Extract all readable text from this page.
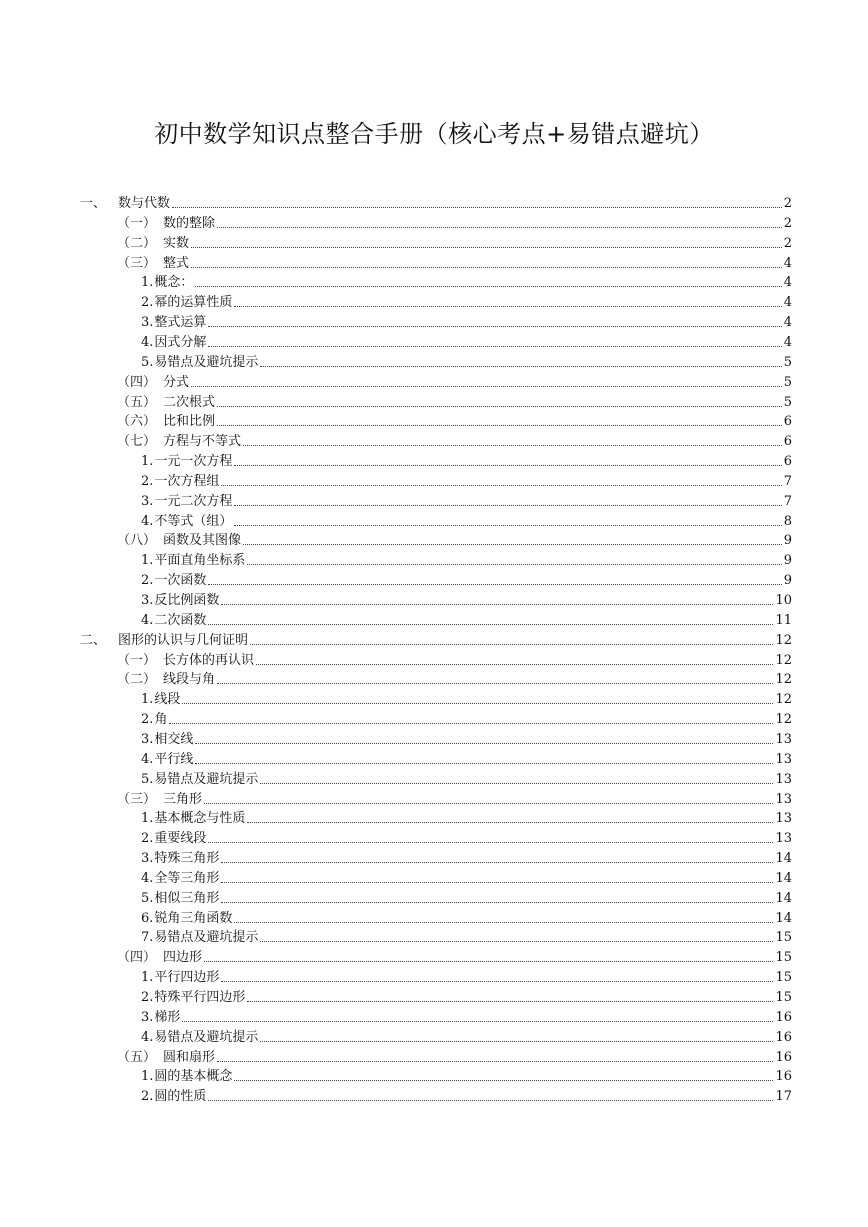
初中数学知识点整合手册（核心考点+易错点避坑）
一、 数与代数	2
（一） 数的整除	2
（二） 实数	2
（三） 整式	4
1. 概念：	4
2. 幂的运算性质	4
3. 整式运算	4
4. 因式分解	4
5. 易错点及避坑提示	5
（四） 分式	5
（五） 二次根式	5
（六） 比和比例	6
（七） 方程与不等式	6
1. 一元一次方程	6
2. 一次方程组	7
3. 一元二次方程	7
4. 不等式（组）	8
（八） 函数及其图像	9
1. 平面直角坐标系	9
2. 一次函数	9
3. 反比例函数	10
4. 二次函数	11
二、 图形的认识与几何证明	12
（一） 长方体的再认识	12
（二） 线段与角	12
1. 线段	12
2. 角	12
3. 相交线	13
4. 平行线	13
5. 易错点及避坑提示	13
（三） 三角形	13
1. 基本概念与性质	13
2. 重要线段	13
3. 特殊三角形	14
4. 全等三角形	14
5. 相似三角形	14
6. 锐角三角函数	14
7. 易错点及避坑提示	15
（四） 四边形	15
1. 平行四边形	15
2. 特殊平行四边形	15
3. 梯形	16
4. 易错点及避坑提示	16
（五） 圆和扇形	16
1. 圆的基本概念	16
2. 圆的性质	17
